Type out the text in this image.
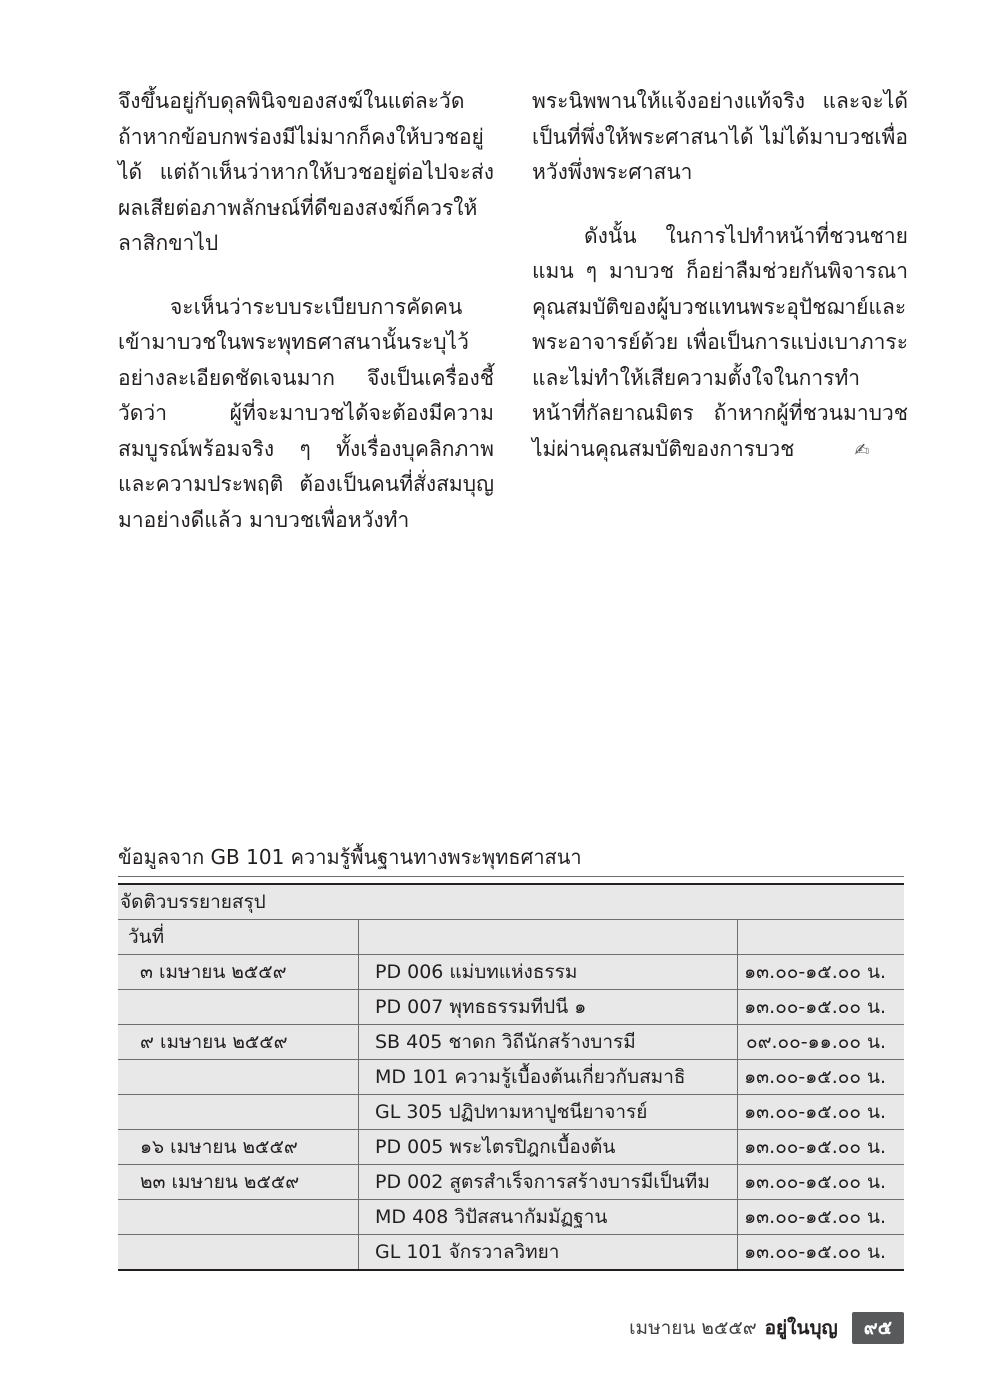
จึงขึ้นอยู่กับดุลพินิจของสงฆ์ในแต่ละวัด ถ้าหากข้อบกพร่องมีไม่มากก็คงให้บวชอยู่ได้ แต่ถ้าเห็นว่าหากให้บวชอยู่ต่อไปจะส่งผลเสียต่อภาพลักษณ์ที่ดีของสงฆ์ก็ควรให้ลาสิกขาไป

จะเห็นว่าระบบระเบียบการคัดคนเข้ามาบวชในพระพุทธศาสนานั้นระบุไว้อย่างละเอียดชัดเจนมาก จึงเป็นเครื่องชี้วัดว่า ผู้ที่จะมาบวชได้จะต้องมีความสมบูรณ์พร้อมจริง ๆ ทั้งเรื่องบุคลิกภาพและความประพฤติ ต้องเป็นคนที่สั่งสมบุญมาอย่างดีแล้ว มาบวชเพื่อหวังทำ

พระนิพพานให้แจ้งอย่างแท้จริง และจะได้เป็นที่พึ่งให้พระศาสนาได้ ไม่ได้มาบวชเพื่อหวังพึ่งพระศาสนา

ดังนั้น ในการไปทำหน้าที่ชวนชายแมน ๆ มาบวช ก็อย่าลืมช่วยกันพิจารณาคุณสมบัติของผู้บวชแทนพระอุปัชฌาย์และพระอาจารย์ด้วย เพื่อเป็นการแบ่งเบาภาระ และไม่ทำให้เสียความตั้งใจในการทำหน้าที่กัลยาณมิตร ถ้าหากผู้ที่ชวนมาบวชไม่ผ่านคุณสมบัติของการบวช	✍

ข้อมูลจาก GB 101 ความรู้พื้นฐานทางพระพุทธศาสนา
จัดติวบรรยายสรุป		
วันที่		
๓ เมษายน ๒๕๕๙	PD 006 แม่บทแห่งธรรม	๑๓.๐๐-๑๕.๐๐ น.
	PD 007 พุทธธรรมทีปนี ๑	๑๓.๐๐-๑๕.๐๐ น.
๙ เมษายน ๒๕๕๙	SB 405 ชาดก วิถีนักสร้างบารมี	๐๙.๐๐-๑๑.๐๐ น.
	MD 101 ความรู้เบื้องต้นเกี่ยวกับสมาธิ	๑๓.๐๐-๑๕.๐๐ น.
	GL 305 ปฏิปทามหาปูชนียาจารย์	๑๓.๐๐-๑๕.๐๐ น.
๑๖ เมษายน ๒๕๕๙	PD 005 พระไตรปิฎกเบื้องต้น	๑๓.๐๐-๑๕.๐๐ น.
๒๓ เมษายน ๒๕๕๙	PD 002 สูตรสำเร็จการสร้างบารมีเป็นทีม	๑๓.๐๐-๑๕.๐๐ น.
	MD 408 วิปัสสนากัมมัฏฐาน	๑๓.๐๐-๑๕.๐๐ น.
	GL 101 จักรวาลวิทยา	๑๓.๐๐-๑๕.๐๐ น.
เมษายน ๒๕๕๙ อยู่ในบุญ	๙๕
